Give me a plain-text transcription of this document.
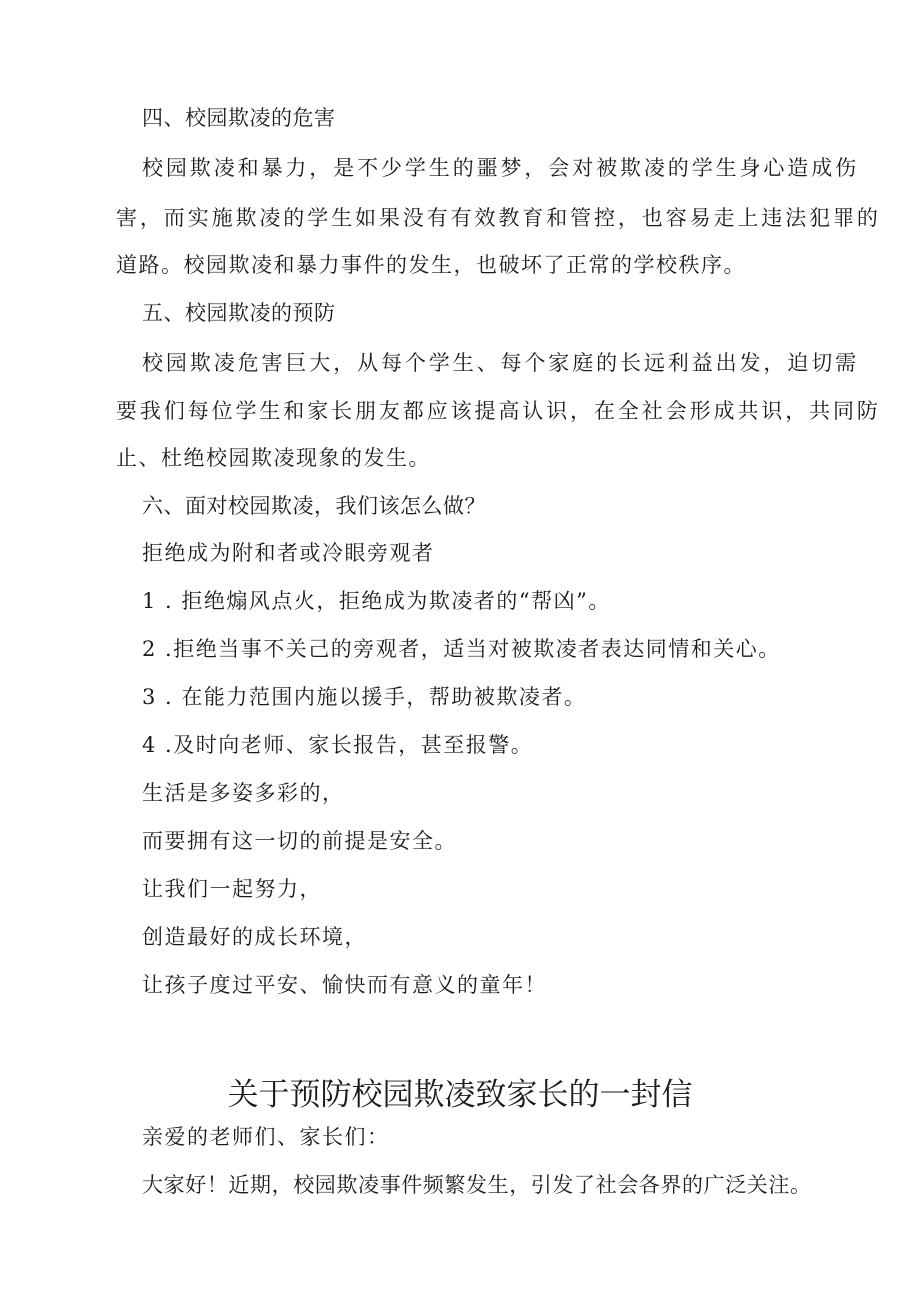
四、校园欺凌的危害
校园欺凌和暴力，是不少学生的噩梦，会对被欺凌的学生身心造成伤
害，而实施欺凌的学生如果没有有效教育和管控，也容易走上违法犯罪的
道路。校园欺凌和暴力事件的发生，也破坏了正常的学校秩序。
五、校园欺凌的预防
校园欺凌危害巨大，从每个学生、每个家庭的长远利益出发，迫切需
要我们每位学生和家长朋友都应该提高认识，在全社会形成共识，共同防
止、杜绝校园欺凌现象的发生。
六、面对校园欺凌，我们该怎么做？
拒绝成为附和者或冷眼旁观者
1 . 拒绝煽风点火，拒绝成为欺凌者的“帮凶”。
2 .拒绝当事不关己的旁观者，适当对被欺凌者表达同情和关心。
3 . 在能力范围内施以援手，帮助被欺凌者。
4 .及时向老师、家长报告，甚至报警。
生活是多姿多彩的，
而要拥有这一切的前提是安全。
让我们一起努力，
创造最好的成长环境，
让孩子度过平安、愉快而有意义的童年！
关于预防校园欺凌致家长的一封信
亲爱的老师们、家长们：
大家好！近期，校园欺凌事件频繁发生，引发了社会各界的广泛关注。
